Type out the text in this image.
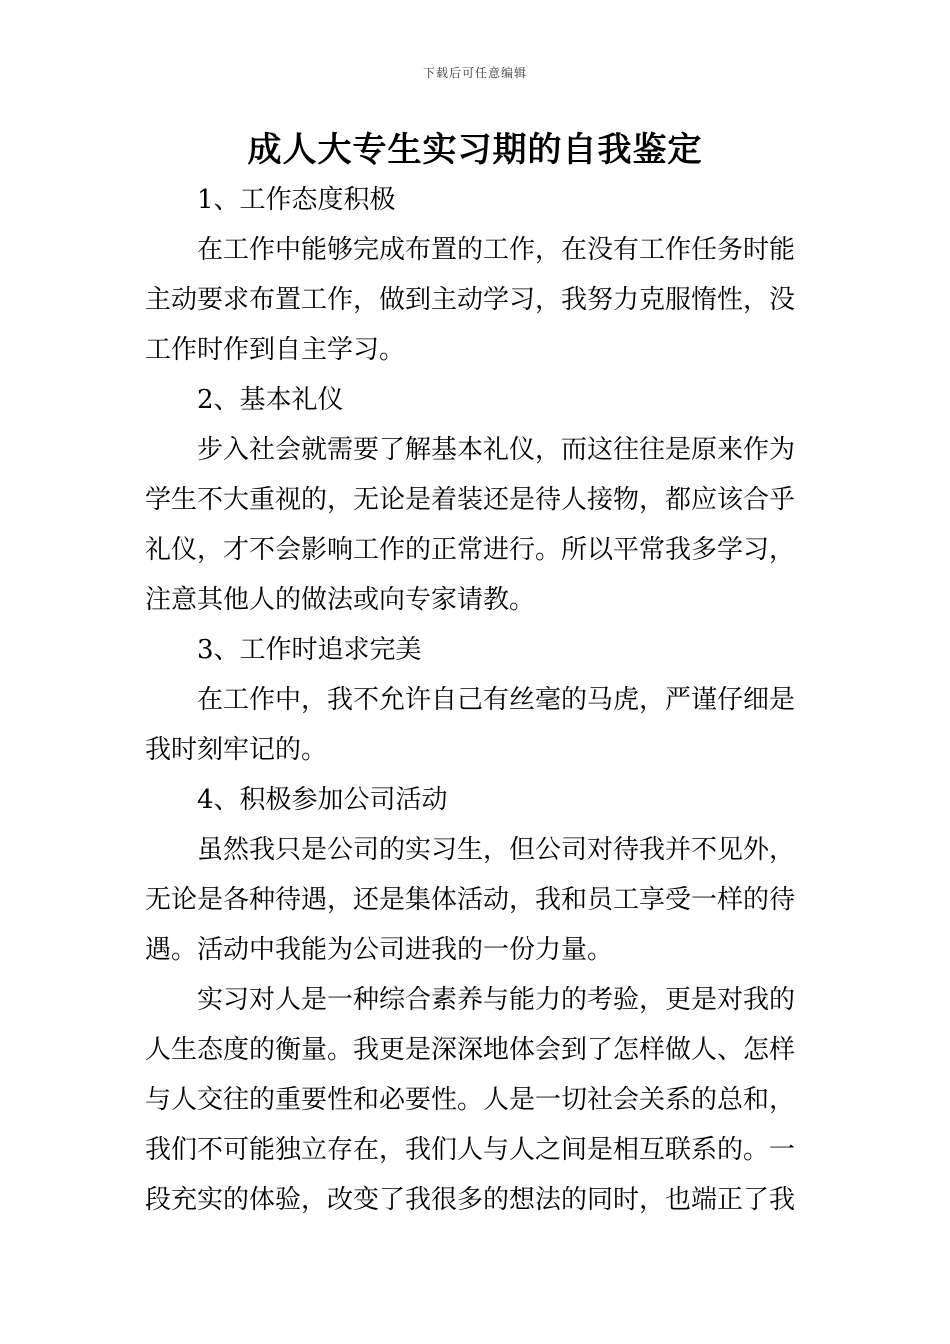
下载后可任意编辑
成人大专生实习期的自我鉴定
1、工作态度积极
在工作中能够完成布置的工作，在没有工作任务时能
主动要求布置工作，做到主动学习，我努力克服惰性，没
工作时作到自主学习。
2、基本礼仪
步入社会就需要了解基本礼仪，而这往往是原来作为
学生不大重视的，无论是着装还是待人接物，都应该合乎
礼仪，才不会影响工作的正常进行。所以平常我多学习，
注意其他人的做法或向专家请教。
3、工作时追求完美
在工作中，我不允许自己有丝毫的马虎，严谨仔细是
我时刻牢记的。
4、积极参加公司活动
虽然我只是公司的实习生，但公司对待我并不见外，
无论是各种待遇，还是集体活动，我和员工享受一样的待
遇。活动中我能为公司进我的一份力量。
实习对人是一种综合素养与能力的考验，更是对我的
人生态度的衡量。我更是深深地体会到了怎样做人、怎样
与人交往的重要性和必要性。人是一切社会关系的总和，
我们不可能独立存在，我们人与人之间是相互联系的。一
段充实的体验，改变了我很多的想法的同时，也端正了我
